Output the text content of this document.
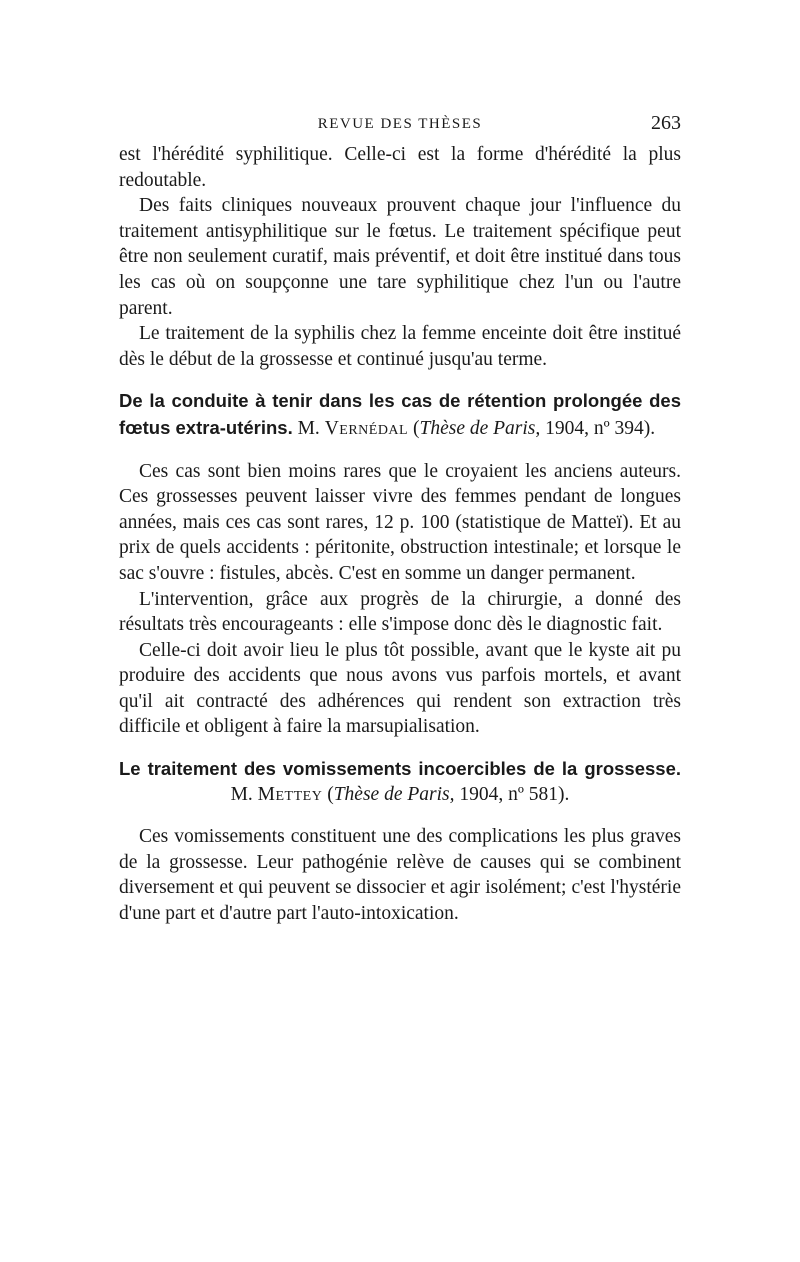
REVUE DES THÈSES	263

est l'hérédité syphilitique. Celle-ci est la forme d'hérédité la plus redoutable.

Des faits cliniques nouveaux prouvent chaque jour l'influence du traitement antisyphilitique sur le fœtus. Le traitement spécifique peut être non seulement curatif, mais préventif, et doit être institué dans tous les cas où on soupçonne une tare syphilitique chez l'un ou l'autre parent.

Le traitement de la syphilis chez la femme enceinte doit être institué dès le début de la grossesse et continué jusqu'au terme.

De la conduite à tenir dans les cas de rétention prolongée des fœtus extra-utérins. M. Vernédal (Thèse de Paris, 1904, nº 394).

Ces cas sont bien moins rares que le croyaient les anciens auteurs. Ces grossesses peuvent laisser vivre des femmes pendant de longues années, mais ces cas sont rares, 12 p. 100 (statistique de Matteï). Et au prix de quels accidents : péritonite, obstruction intestinale; et lorsque le sac s'ouvre : fistules, abcès. C'est en somme un danger permanent.

L'intervention, grâce aux progrès de la chirurgie, a donné des résultats très encourageants : elle s'impose donc dès le diagnostic fait.

Celle-ci doit avoir lieu le plus tôt possible, avant que le kyste ait pu produire des accidents que nous avons vus parfois mortels, et avant qu'il ait contracté des adhérences qui rendent son extraction très difficile et obligent à faire la marsupialisation.

Le traitement des vomissements incoercibles de la grossesse.
M. Mettey (Thèse de Paris, 1904, nº 581).

Ces vomissements constituent une des complications les plus graves de la grossesse. Leur pathogénie relève de causes qui se combinent diversement et qui peuvent se dissocier et agir isolément; c'est l'hystérie d'une part et d'autre part l'auto-intoxication.
